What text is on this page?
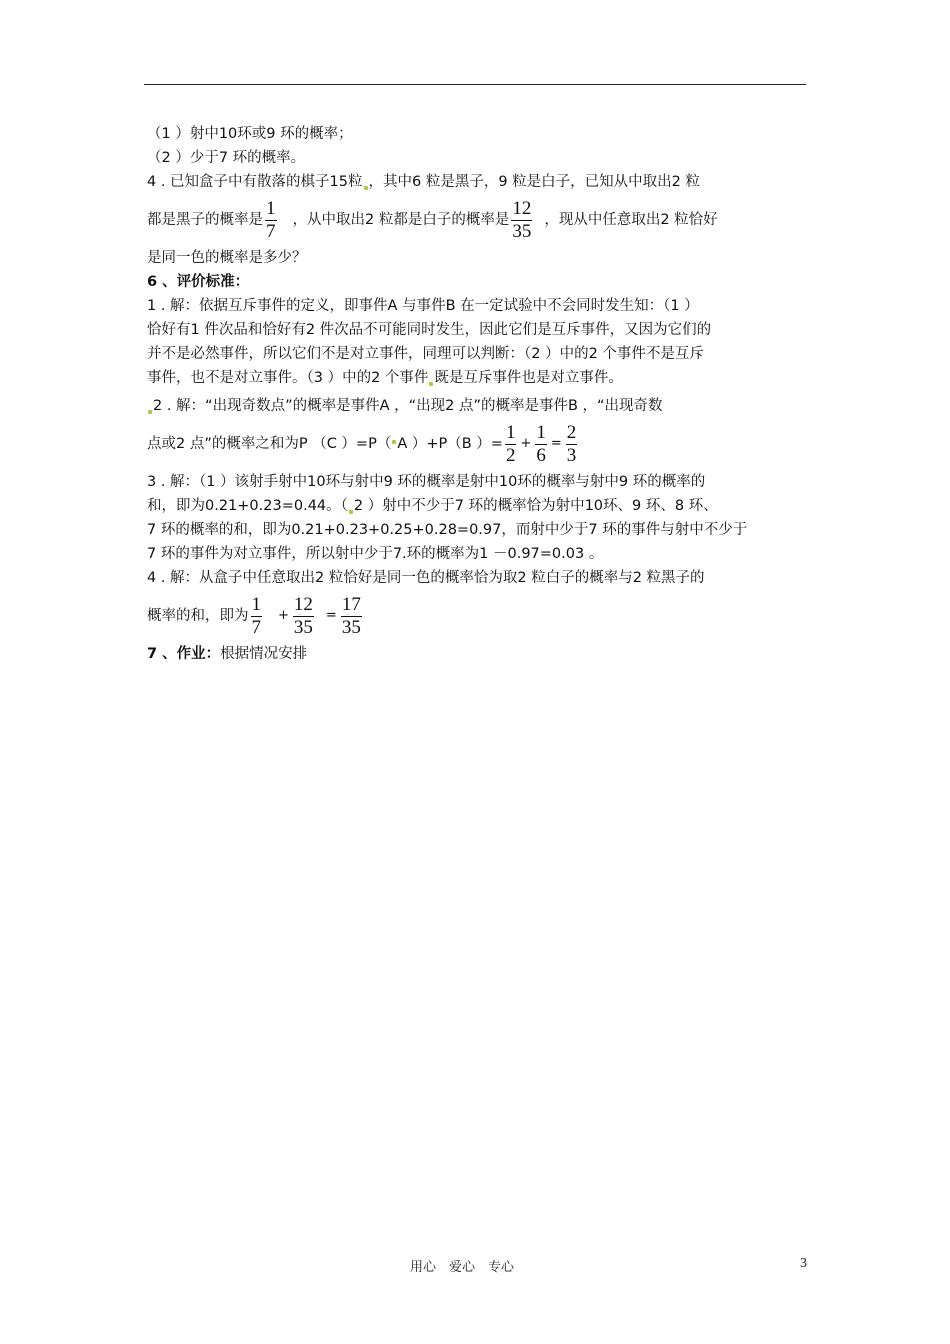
（1 ）射中10环或9 环的概率；
（2 ）少于7 环的概率。
4 . 已知盒子中有散落的棋子15粒 ，其中6 粒是黑子，9 粒是白子，已知从中取出2 粒
都是黑子的概率是 $\frac{1}{7}$ ，从中取出2 粒都是白子的概率是 $\frac{12}{35}$ ，现从中任意取出2 粒恰好
是同一色的概率是多少？
6 、评价标准：
1 . 解：依据互斥事件的定义，即事件A 与事件B 在一定试验中不会同时发生知：（1 ）
恰好有1 件次品和恰好有2 件次品不可能同时发生，因此它们是互斥事件，又因为它们的
并不是必然事件，所以它们不是对立事件，同理可以判断：（2 ）中的2 个事件不是互斥
事件，也不是对立事件。（3 ）中的2 个事件 既是互斥事件也是对立事件。
2 . 解：“出现奇数点”的概率是事件A ，“出现2 点”的概率是事件B ，“出现奇数
点或2 点”的概率之和为P （C ）=P（ A ）+P（B ）= $\frac{1}{2} + \frac{1}{6} = \frac{2}{3}$
3 . 解：（1 ）该射手射中10环与射中9 环的概率是射中10环的概率与射中9 环的概率的
和，即为0.21+0.23=0.44。（ 2 ）射中不少于7 环的概率恰为射中10环、9 环、8 环、
7 环的概率的和，即为0.21+0.23+0.25+0.28=0.97，而射中少于7 环的事件与射中不少于
7 环的事件为对立事件，所以射中少于7.环的概率为1 －0.97=0.03 。
4 . 解：从盒子中任意取出2 粒恰好是同一色的概率恰为取2 粒白子的概率与2 粒黑子的
概率的和，即为 $\frac{1}{7} + \frac{12}{35} = \frac{17}{35}$
7 、作业：根据情况安排
用心　爱心　专心	3
